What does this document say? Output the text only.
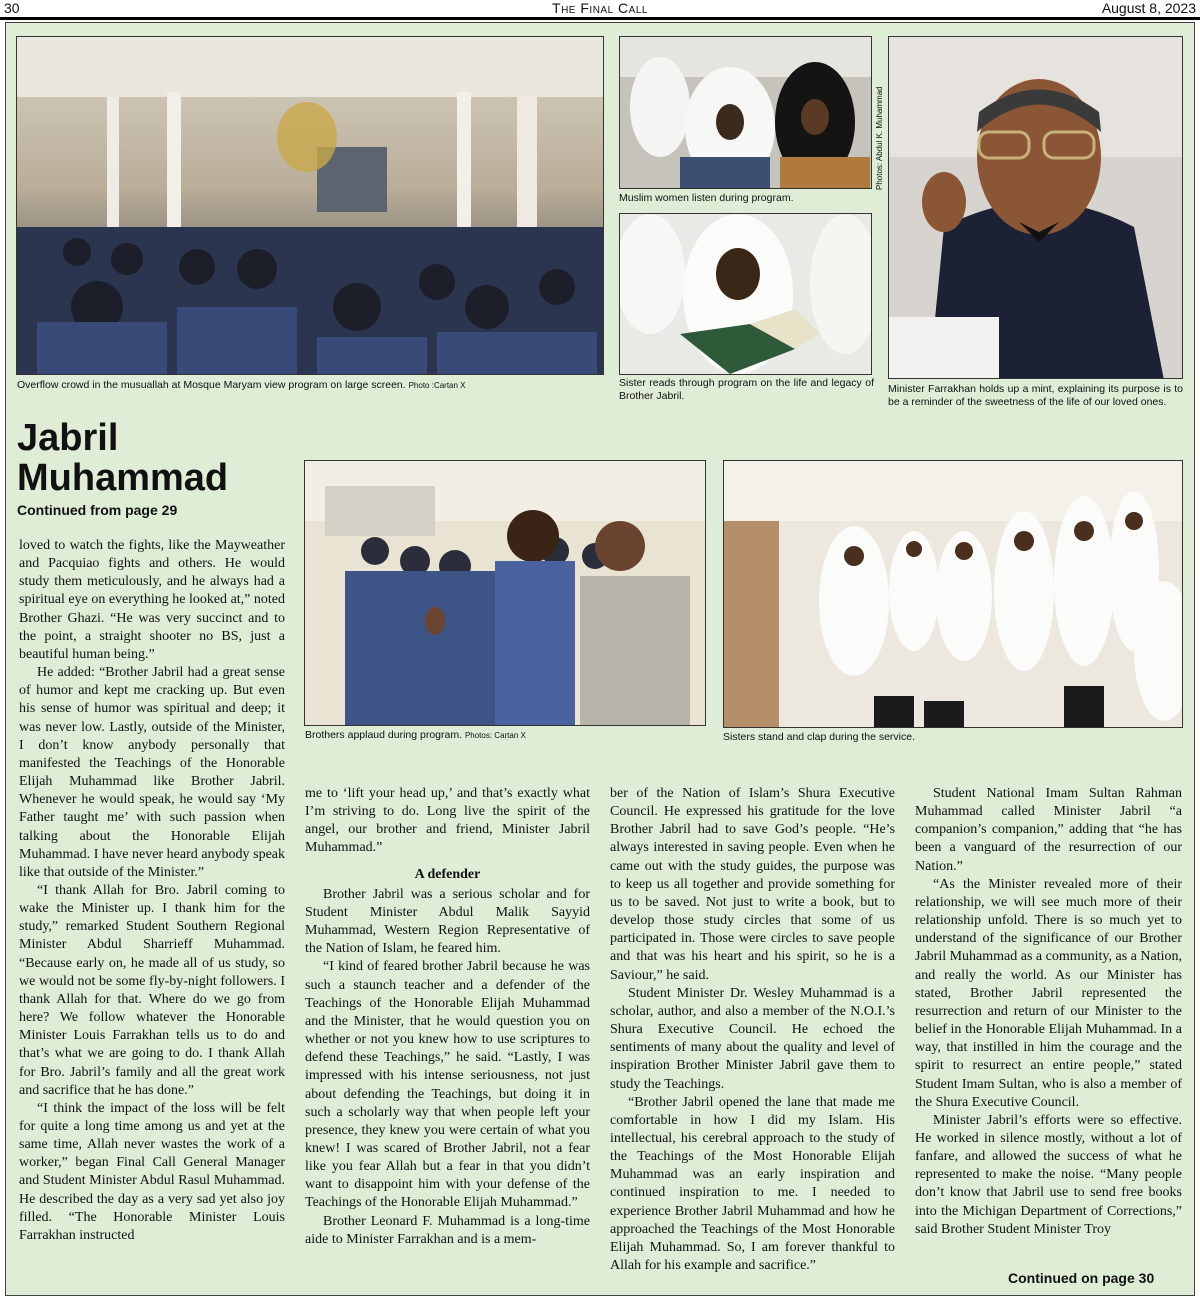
30	The Final Call	August 8, 2023
Overflow crowd in the musuallah at Mosque Maryam view program on large screen. Photo :Cartan X
Muslim women listen during program.
Sister reads through program on the life and legacy of Brother Jabril.
Photos: Abdul K. Muhammad
Minister Farrakhan holds up a mint, explaining its purpose is to be a reminder of the sweetness of the life of our loved ones.
Jabril Muhammad
Continued from page 29
Brothers applaud during program. Photos: Cartan X	Sisters stand and clap during the service.

loved to watch the fights, like the Mayweather and Pacquiao fights and others. He would study them meticulously, and he always had a spiritual eye on everything he looked at,” noted Brother Ghazi. “He was very succinct and to the point, a straight shooter no BS, just a beautiful human being.”

He added: “Brother Jabril had a great sense of humor and kept me cracking up. But even his sense of humor was spiritual and deep; it was never low. Lastly, outside of the Minister, I don’t know anybody personally that manifested the Teachings of the Honorable Elijah Muhammad like Brother Jabril. Whenever he would speak, he would say ‘My Father taught me’ with such passion when talking about the Honorable Elijah Muhammad. I have never heard anybody speak like that outside of the Minister.”

“I thank Allah for Bro. Jabril coming to wake the Minister up. I thank him for the study,” remarked Student Southern Regional Minister Abdul Sharrieff Muhammad. “Because early on, he made all of us study, so we would not be some fly-by-night followers. I thank Allah for that. Where do we go from here? We follow whatever the Honorable Minister Louis Farrakhan tells us to do and that’s what we are going to do. I thank Allah for Bro. Jabril’s family and all the great work and sacrifice that he has done.”

“I think the impact of the loss will be felt for quite a long time among us and yet at the same time, Allah never wastes the work of a worker,” began Final Call General Manager and Student Minister Abdul Rasul Muhammad. He described the day as a very sad yet also joy filled. “The Honorable Minister Louis Farrakhan instructed

me to ‘lift your head up,’ and that’s exactly what I’m striving to do. Long live the spirit of the angel, our brother and friend, Minister Jabril Muhammad.”

A defender

Brother Jabril was a serious scholar and for Student Minister Abdul Malik Sayyid Muhammad, Western Region Representative of the Nation of Islam, he feared him.

“I kind of feared brother Jabril because he was such a staunch teacher and a defender of the Teachings of the Honorable Elijah Muhammad and the Minister, that he would question you on whether or not you knew how to use scriptures to defend these Teachings,” he said. “Lastly, I was impressed with his intense seriousness, not just about defending the Teachings, but doing it in such a scholarly way that when people left your presence, they knew you were certain of what you knew! I was scared of Brother Jabril, not a fear like you fear Allah but a fear in that you didn’t want to disappoint him with your defense of the Teachings of the Honorable Elijah Muhammad.”

Brother Leonard F. Muhammad is a long-time aide to Minister Farrakhan and is a mem-

ber of the Nation of Islam’s Shura Executive Council. He expressed his gratitude for the love Brother Jabril had to save God’s people. “He’s always interested in saving people. Even when he came out with the study guides, the purpose was to keep us all together and provide something for us to be saved. Not just to write a book, but to develop those study circles that some of us participated in. Those were circles to save people and that was his heart and his spirit, so he is a Saviour,” he said.

Student Minister Dr. Wesley Muhammad is a scholar, author, and also a member of the N.O.I.’s Shura Executive Council. He echoed the sentiments of many about the quality and level of inspiration Brother Minister Jabril gave them to study the Teachings.

“Brother Jabril opened the lane that made me comfortable in how I did my Islam. His intellectual, his cerebral approach to the study of the Teachings of the Most Honorable Elijah Muhammad was an early inspiration and continued inspiration to me. I needed to experience Brother Jabril Muhammad and how he approached the Teachings of the Most Honorable Elijah Muhammad. So, I am forever thankful to Allah for his example and sacrifice.”

Student National Imam Sultan Rahman Muhammad called Minister Jabril “a companion’s companion,” adding that “he has been a vanguard of the resurrection of our Nation.”

“As the Minister revealed more of their relationship, we will see much more of their relationship unfold. There is so much yet to understand of the significance of our Brother Jabril Muhammad as a community, as a Nation, and really the world. As our Minister has stated, Brother Jabril represented the resurrection and return of our Minister to the belief in the Honorable Elijah Muhammad. In a way, that instilled in him the courage and the spirit to resurrect an entire people,” stated Student Imam Sultan, who is also a member of the Shura Executive Council.

Minister Jabril’s efforts were so effective. He worked in silence mostly, without a lot of fanfare, and allowed the success of what he represented to make the noise. “Many people don’t know that Jabril use to send free books into the Michigan Department of Corrections,” said Brother Student Minister Troy

Continued on page 30
